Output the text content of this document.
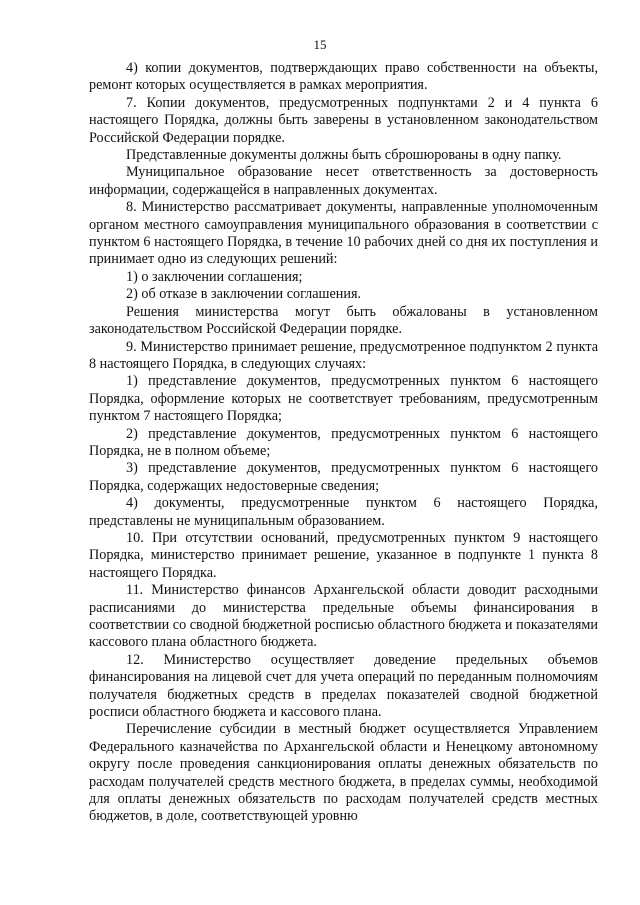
15

4) копии документов, подтверждающих право собственности на объекты, ремонт которых осуществляется в рамках мероприятия.

7. Копии документов, предусмотренных подпунктами 2 и 4 пункта 6 настоящего Порядка, должны быть заверены в установленном законодательством Российской Федерации порядке.

Представленные документы должны быть сброшюрованы в одну папку.

Муниципальное образование несет ответственность за достоверность информации, содержащейся в направленных документах.

8. Министерство рассматривает документы, направленные уполномоченным органом местного самоуправления муниципального образования в соответствии с пунктом 6 настоящего Порядка, в течение 10 рабочих дней со дня их поступления и принимает одно из следующих решений:

1) о заключении соглашения;

2) об отказе в заключении соглашения.

Решения министерства могут быть обжалованы в установленном законодательством Российской Федерации порядке.

9. Министерство принимает решение, предусмотренное подпунктом 2 пункта 8 настоящего Порядка, в следующих случаях:

1) представление документов, предусмотренных пунктом 6 настоящего Порядка, оформление которых не соответствует требованиям, предусмотренным пунктом 7 настоящего Порядка;

2) представление документов, предусмотренных пунктом 6 настоящего Порядка, не в полном объеме;

3) представление документов, предусмотренных пунктом 6 настоящего Порядка, содержащих недостоверные сведения;

4) документы, предусмотренные пунктом 6 настоящего Порядка, представлены не муниципальным образованием.

10. При отсутствии оснований, предусмотренных пунктом 9 настоящего Порядка, министерство принимает решение, указанное в подпункте 1 пункта 8 настоящего Порядка.

11. Министерство финансов Архангельской области доводит расходными расписаниями до министерства предельные объемы финансирования в соответствии со сводной бюджетной росписью областного бюджета и показателями кассового плана областного бюджета.

12. Министерство осуществляет доведение предельных объемов финансирования на лицевой счет для учета операций по переданным полномочиям получателя бюджетных средств в пределах показателей сводной бюджетной росписи областного бюджета и кассового плана.

Перечисление субсидии в местный бюджет осуществляется Управлением Федерального казначейства по Архангельской области и Ненецкому автономному округу после проведения санкционирования оплаты денежных обязательств по расходам получателей средств местного бюджета, в пределах суммы, необходимой для оплаты денежных обязательств по расходам получателей средств местных бюджетов, в доле, соответствующей уровню
